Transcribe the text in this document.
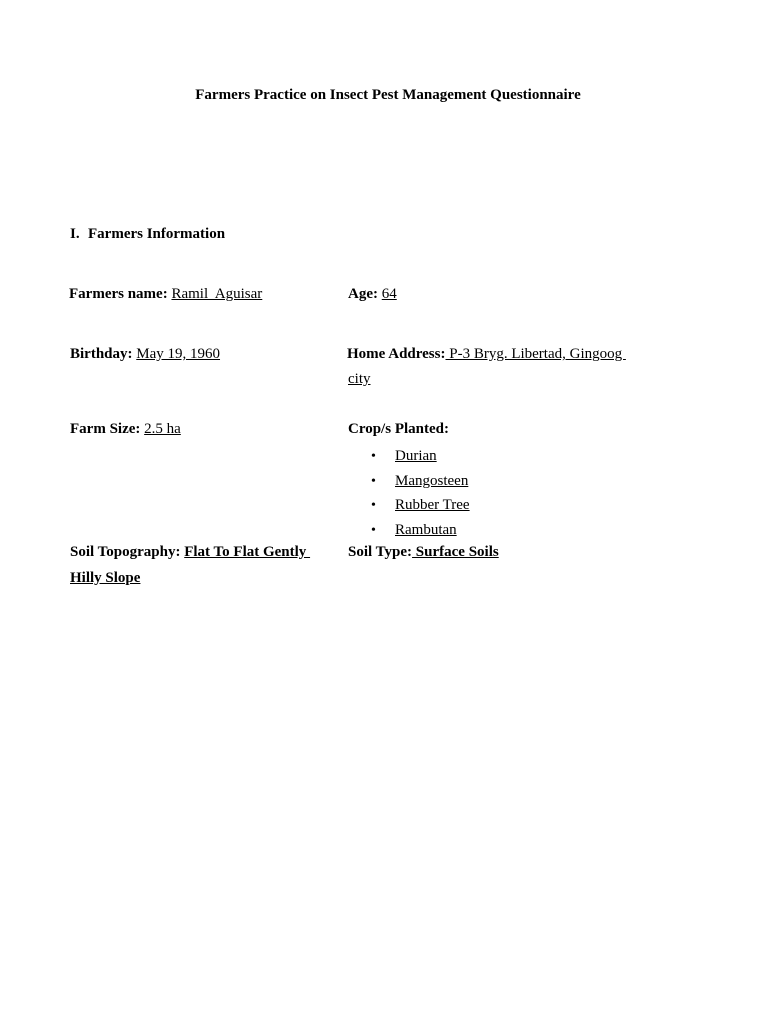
Farmers Practice on Insect Pest Management Questionnaire
I. Farmers Information
Farmers name: Ramil  Aguisar	Age: 64
Birthday: May 19, 1960	Home Address: P-3 Bryg. Libertad, Gingoog
city
Farm Size: 2.5 ha	Crop/s Planted:
• Durian
• Mangosteen
• Rubber Tree
• Rambutan
Soil Topography: Flat To Flat Gently
Hilly Slope
Soil Type: Surface Soils
